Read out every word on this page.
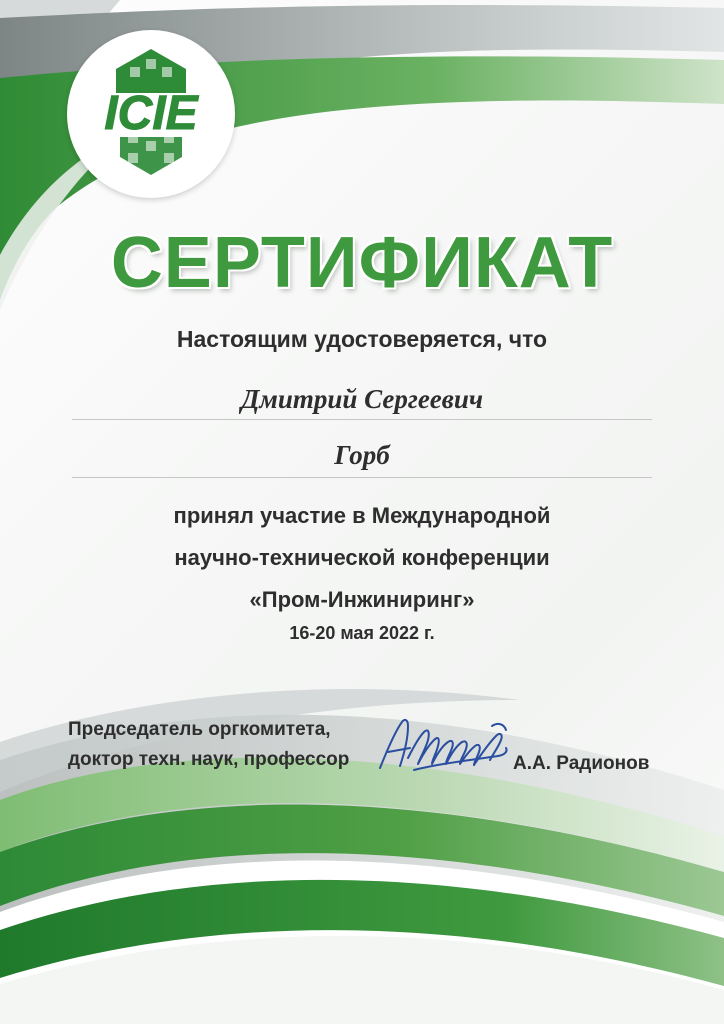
ICIE
СЕРТИФИКАТ
Настоящим удостоверяется, что
Дмитрий Сергеевич
Горб
принял участие в Международной
научно-технической конференции
«Пром-Инжиниринг»
16-20 мая 2022 г.
Председатель оргкомитета,
доктор техн. наук, профессор	А.А. Радионов
